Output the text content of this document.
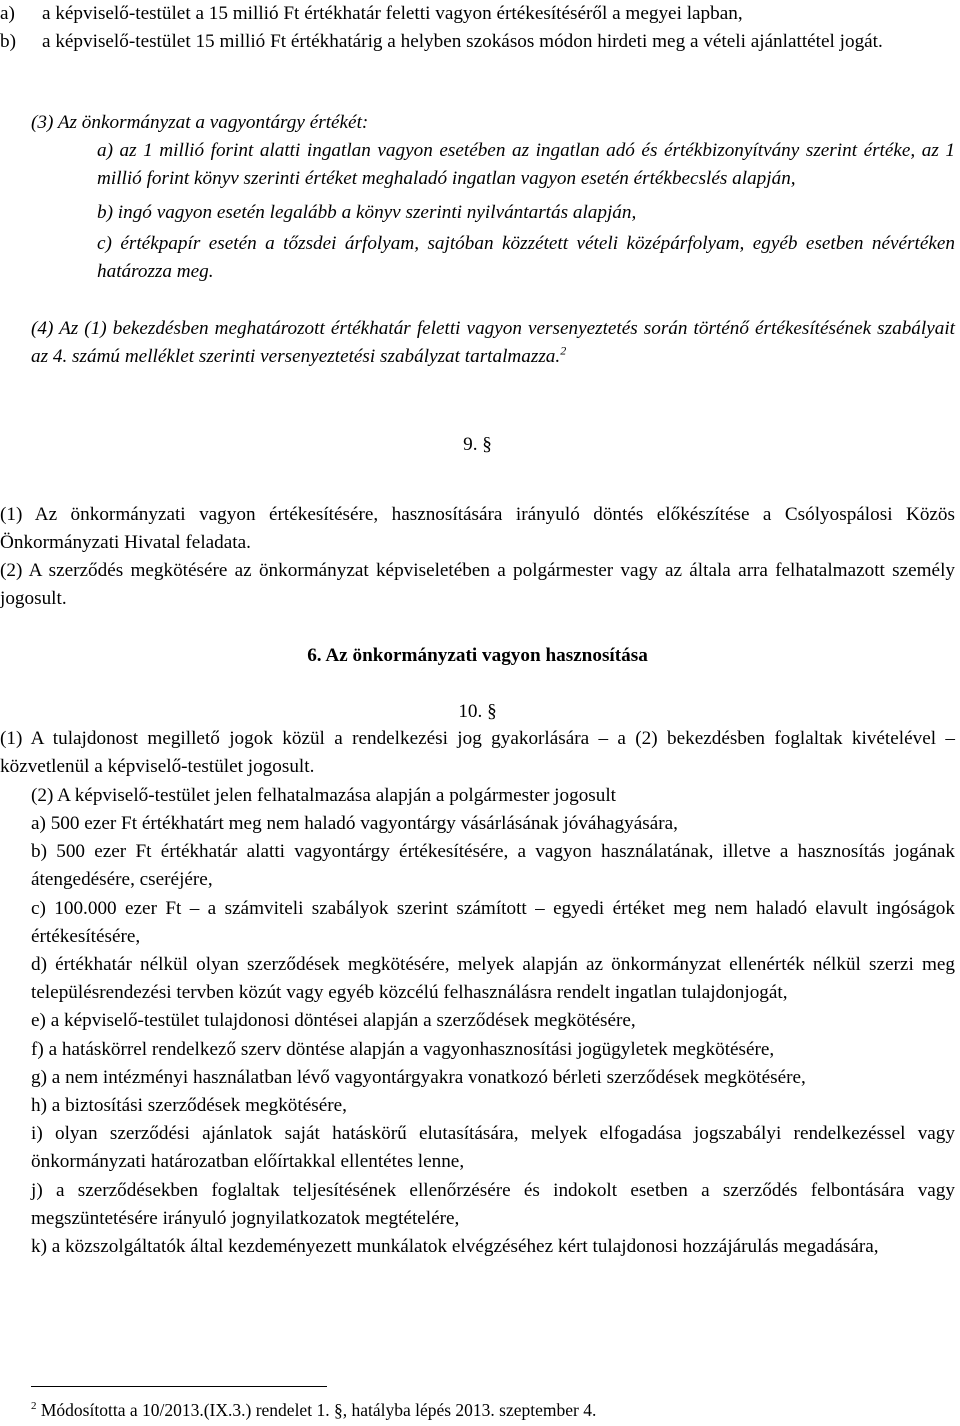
a)	a képviselő-testület a 15 millió Ft értékhatár feletti vagyon értékesítéséről a megyei lapban,
b)	a képviselő-testület 15 millió Ft értékhatárig a helyben szokásos módon hirdeti meg a vételi ajánlattétel jogát.
(3) Az önkormányzat a vagyontárgy értékét:
a) az 1 millió forint alatti ingatlan vagyon esetében az ingatlan adó és értékbizonyítvány szerint értéke, az 1 millió forint könyv szerinti értéket meghaladó ingatlan vagyon esetén értékbecslés alapján,
b) ingó vagyon esetén legalább a könyv szerinti nyilvántartás alapján,
c) értékpapír esetén a tőzsdei árfolyam, sajtóban közzétett vételi középárfolyam, egyéb esetben névértéken határozza meg.
(4) Az (1) bekezdésben meghatározott értékhatár feletti vagyon versenyeztetés során történő értékesítésének szabályait az 4. számú melléklet szerinti versenyeztetési szabályzat tartalmazza.$^2$
9. §
(1) Az önkormányzati vagyon értékesítésére, hasznosítására irányuló döntés előkészítése a Csólyospálosi Közös Önkormányzati Hivatal feladata.
(2) A szerződés megkötésére az önkormányzat képviseletében a polgármester vagy az általa arra felhatalmazott személy jogosult.
6. Az önkormányzati vagyon hasznosítása
10. §
(1) A tulajdonost megillető jogok közül a rendelkezési jog gyakorlására – a (2) bekezdésben foglaltak kivételével – közvetlenül a képviselő-testület jogosult.
(2) A képviselő-testület jelen felhatalmazása alapján a polgármester jogosult
a) 500 ezer Ft értékhatárt meg nem haladó vagyontárgy vásárlásának jóváhagyására,
b) 500 ezer Ft értékhatár alatti vagyontárgy értékesítésére, a vagyon használatának, illetve a hasznosítás jogának átengedésére, cseréjére,
c) 100.000 ezer Ft – a számviteli szabályok szerint számított – egyedi értéket meg nem haladó elavult ingóságok értékesítésére,
d) értékhatár nélkül olyan szerződések megkötésére, melyek alapján az önkormányzat ellenérték nélkül szerzi meg településrendezési tervben közút vagy egyéb közcélú felhasználásra rendelt ingatlan tulajdonjogát,
e) a képviselő-testület tulajdonosi döntései alapján a szerződések megkötésére,
f) a hatáskörrel rendelkező szerv döntése alapján a vagyonhasznosítási jogügyletek megkötésére,
g) a nem intézményi használatban lévő vagyontárgyakra vonatkozó bérleti szerződések megkötésére,
h) a biztosítási szerződések megkötésére,
i) olyan szerződési ajánlatok saját hatáskörű elutasítására, melyek elfogadása jogszabályi rendelkezéssel vagy önkormányzati határozatban előírtakkal ellentétes lenne,
j) a szerződésekben foglaltak teljesítésének ellenőrzésére és indokolt esetben a szerződés felbontására vagy megszüntetésére irányuló jognyilatkozatok megtételére,
k) a közszolgáltatók által kezdeményezett munkálatok elvégzéséhez kért tulajdonosi hozzájárulás megadására,
$^2$ Módosította a 10/2013.(IX.3.) rendelet 1. §, hatályba lépés 2013. szeptember 4.
